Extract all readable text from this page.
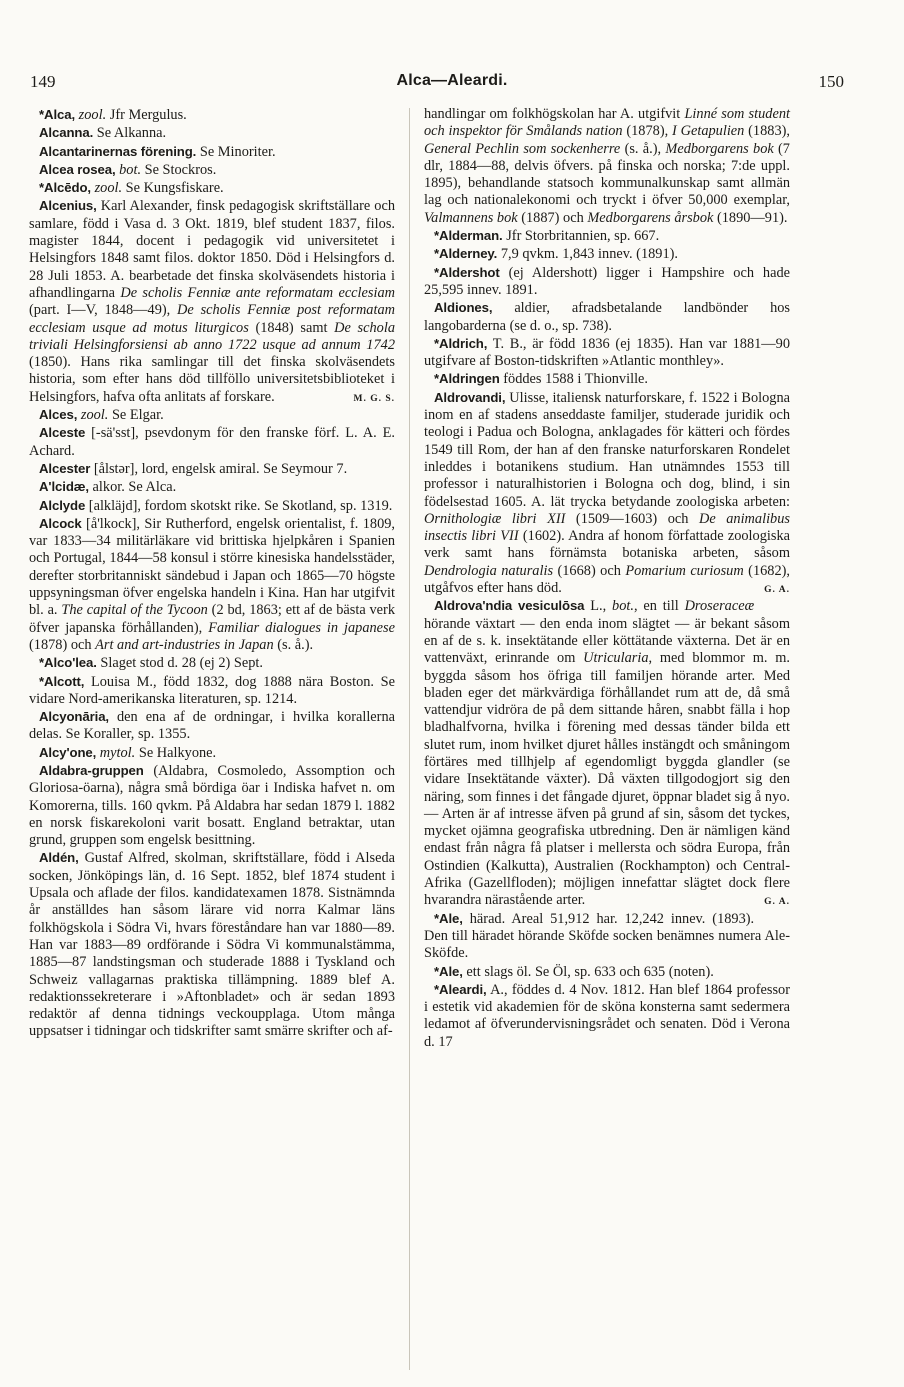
149	Alca—Aleardi.	150

*Alca, zool. Jfr Mergulus.

Alcanna. Se Alkanna.

Alcantarinernas förening. Se Minoriter.

Alcea rosea, bot. Se Stockros.

*Alcēdo, zool. Se Kungsfiskare.

Alcenius, Karl Alexander, finsk pedagogisk skriftställare och samlare, född i Vasa d. 3 Okt. 1819, blef student 1837, filos. magister 1844, docent i pedagogik vid universitetet i Helsingfors 1848 samt filos. doktor 1850. Död i Helsingfors d. 28 Juli 1853. A. bearbetade det finska skolväsendets historia i afhandlingarna De scholis Fenniæ ante reformatam ecclesiam (part. I—V, 1848—49), De scholis Fenniæ post reformatam ecclesiam usque ad motus liturgicos (1848) samt De schola triviali Helsingforsiensi ab anno 1722 usque ad annum 1742 (1850). Hans rika samlingar till det finska skolväsendets historia, som efter hans död tillföllo universitetsbiblioteket i Helsingfors, hafva ofta anlitats af forskare.	M. G. S.

Alces, zool. Se Elgar.

Alceste [-sä'sst], psevdonym för den franske förf. L. A. E. Achard.

Alcester [ålstər], lord, engelsk amiral. Se Seymour 7.

A'lcidæ, alkor. Se Alca.

Alclyde [alkläjd], fordom skotskt rike. Se Skotland, sp. 1319.

Alcock [å'lkock], Sir Rutherford, engelsk orientalist, f. 1809, var 1833—34 militärläkare vid brittiska hjelpkåren i Spanien och Portugal, 1844—58 konsul i större kinesiska handelsstäder, derefter storbritanniskt sändebud i Japan och 1865—70 högste uppsyningsman öfver engelska handeln i Kina. Han har utgifvit bl. a. The capital of the Tycoon (2 bd, 1863; ett af de bästa verk öfver japanska förhållanden), Familiar dialogues in japanese (1878) och Art and art-industries in Japan (s. å.).

*Alco'lea. Slaget stod d. 28 (ej 2) Sept.

*Alcott, Louisa M., född 1832, dog 1888 nära Boston. Se vidare Nord-amerikanska literaturen, sp. 1214.

Alcyonāria, den ena af de ordningar, i hvilka korallerna delas. Se Koraller, sp. 1355.

Alcy'one, mytol. Se Halkyone.

Aldabra-gruppen (Aldabra, Cosmoledo, Assomption och Gloriosa-öarna), några små bördiga öar i Indiska hafvet n. om Komorerna, tills. 160 qvkm. På Aldabra har sedan 1879 l. 1882 en norsk fiskarekoloni varit bosatt. England betraktar, utan grund, gruppen som engelsk besittning.

Aldén, Gustaf Alfred, skolman, skriftställare, född i Alseda socken, Jönköpings län, d. 16 Sept. 1852, blef 1874 student i Upsala och aflade der filos. kandidatexamen 1878. Sistnämnda år anställdes han såsom lärare vid norra Kalmar läns folkhögskola i Södra Vi, hvars föreståndare han var 1880—89. Han var 1883—89 ordförande i Södra Vi kommunalstämma, 1885—87 landstingsman och studerade 1888 i Tyskland och Schweiz vallagarnas praktiska tillämpning. 1889 blef A. redaktionssekreterare i »Aftonbladet» och är sedan 1893 redaktör af denna tidnings veckoupplaga. Utom många uppsatser i tidningar och tidskrifter samt smärre skrifter och af-

handlingar om folkhögskolan har A. utgifvit Linné som student och inspektor för Smålands nation (1878), I Getapulien (1883), General Pechlin som sockenherre (s. å.), Medborgarens bok (7 dlr, 1884—88, delvis öfvers. på finska och norska; 7:de uppl. 1895), behandlande statsoch kommunalkunskap samt allmän lag och nationalekonomi och tryckt i öfver 50,000 exemplar, Valmannens bok (1887) och Medborgarens årsbok (1890—91).

*Alderman. Jfr Storbritannien, sp. 667.

*Alderney. 7,9 qvkm. 1,843 innev. (1891).

*Aldershot (ej Aldershott) ligger i Hampshire och hade 25,595 innev. 1891.

Aldiones, aldier, afradsbetalande landbönder hos langobarderna (se d. o., sp. 738).

*Aldrich, T. B., är född 1836 (ej 1835). Han var 1881—90 utgifvare af Boston-tidskriften »Atlantic monthley».

*Aldringen föddes 1588 i Thionville.

Aldrovandi, Ulisse, italiensk naturforskare, f. 1522 i Bologna inom en af stadens anseddaste familjer, studerade juridik och teologi i Padua och Bologna, anklagades för kätteri och fördes 1549 till Rom, der han af den franske naturforskaren Rondelet inleddes i botanikens studium. Han utnämndes 1553 till professor i naturalhistorien i Bologna och dog, blind, i sin födelsestad 1605. A. lät trycka betydande zoologiska arbeten: Ornithologiæ libri XII (1509—1603) och De animalibus insectis libri VII (1602). Andra af honom författade zoologiska verk samt hans förnämsta botaniska arbeten, såsom Dendrologia naturalis (1668) och Pomarium curiosum (1682), utgåfvos efter hans död.	G. A.

Aldrova'ndia vesiculōsa L., bot., en till Droseraceæ hörande växtart — den enda inom slägtet — är bekant såsom en af de s. k. insektätande eller köttätande växterna. Det är en vattenväxt, erinrande om Utricularia, med blommor m. m. byggda såsom hos öfriga till familjen hörande arter. Med bladen eger det märkvärdiga förhållandet rum att de, då små vattendjur vidröra de på dem sittande håren, snabbt fälla i hop bladhalfvorna, hvilka i förening med dessas tänder bilda ett slutet rum, inom hvilket djuret hålles instängdt och småningom förtäres med tillhjelp af egendomligt byggda glandler (se vidare Insektätande växter). Då växten tillgodogjort sig den näring, som finnes i det fångade djuret, öppnar bladet sig å nyo. — Arten är af intresse äfven på grund af sin, såsom det tyckes, mycket ojämna geografiska utbredning. Den är nämligen känd endast från några få platser i mellersta och södra Europa, från Ostindien (Kalkutta), Australien (Rockhampton) och Central-Afrika (Gazellfloden); möjligen innefattar slägtet dock flere hvarandra närastående arter.	G. A.

*Ale, härad. Areal 51,912 har. 12,242 innev. (1893). Den till häradet hörande Sköfde socken benämnes numera Ale-Sköfde.

*Ale, ett slags öl. Se Öl, sp. 633 och 635 (noten).

*Aleardi, A., föddes d. 4 Nov. 1812. Han blef 1864 professor i estetik vid akademien för de sköna konsterna samt sedermera ledamot af öfverundervisningsrådet och senaten. Död i Verona d. 17
